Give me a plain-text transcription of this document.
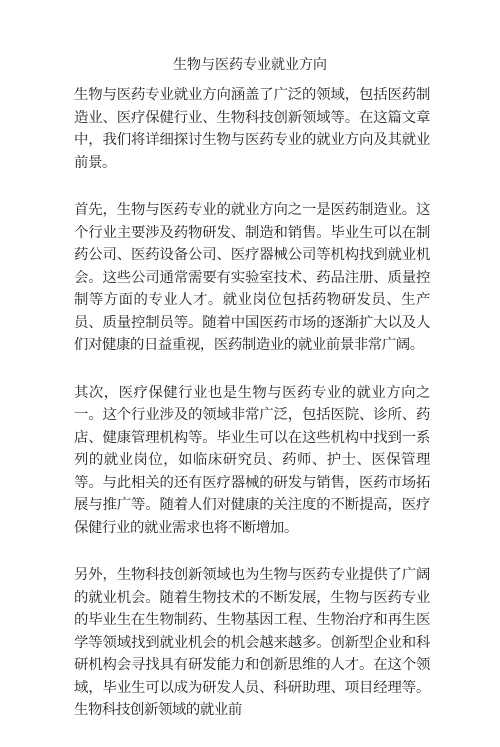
生物与医药专业就业方向

生物与医药专业就业方向涵盖了广泛的领域，包括医药制造业、医疗保健行业、生物科技创新领域等。在这篇文章中，我们将详细探讨生物与医药专业的就业方向及其就业前景。

首先，生物与医药专业的就业方向之一是医药制造业。这个行业主要涉及药物研发、制造和销售。毕业生可以在制药公司、医药设备公司、医疗器械公司等机构找到就业机会。这些公司通常需要有实验室技术、药品注册、质量控制等方面的专业人才。就业岗位包括药物研发员、生产员、质量控制员等。随着中国医药市场的逐渐扩大以及人们对健康的日益重视，医药制造业的就业前景非常广阔。

其次，医疗保健行业也是生物与医药专业的就业方向之一。这个行业涉及的领域非常广泛，包括医院、诊所、药店、健康管理机构等。毕业生可以在这些机构中找到一系列的就业岗位，如临床研究员、药师、护士、医保管理等。与此相关的还有医疗器械的研发与销售，医药市场拓展与推广等。随着人们对健康的关注度的不断提高，医疗保健行业的就业需求也将不断增加。

另外，生物科技创新领域也为生物与医药专业提供了广阔的就业机会。随着生物技术的不断发展，生物与医药专业的毕业生在生物制药、生物基因工程、生物治疗和再生医学等领域找到就业机会的机会越来越多。创新型企业和科研机构会寻找具有研发能力和创新思维的人才。在这个领域，毕业生可以成为研发人员、科研助理、项目经理等。生物科技创新领域的就业前
